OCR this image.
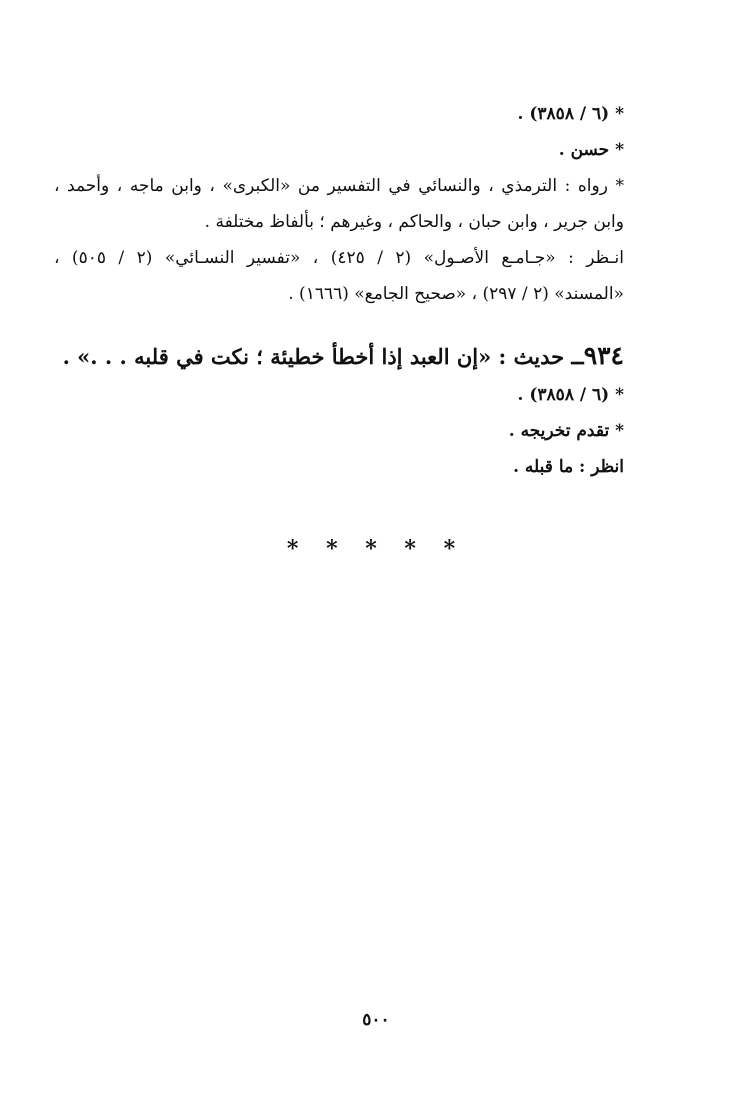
* (٦ / ٣٨٥٨) .
* حسن .
* رواه : الترمذي ، والنسائي في التفسير من «الكبرى» ، وابن ماجه ، وأحمد ،
وابن جرير ، وابن حبان ، والحاكم ، وغيرهم ؛ بألفاظ مختلفة .
انـظر : «جـامـع الأصـول» (٢ / ٤٢٥) ، «تفسير النسـائي» (٢ / ٥٠٥) ،
«المسند» (٢ / ٢٩٧) ، «صحيح الجامع» (١٦٦٦) .
٩٣٤ــ حديث : «إن العبد إذا أخطأ خطيئة ؛ نكت في قلبه . . .» .
* (٦ / ٣٨٥٨) .
* تقدم تخريجه .
انظر : ما قبله .
* * * * *
٥٠٠
